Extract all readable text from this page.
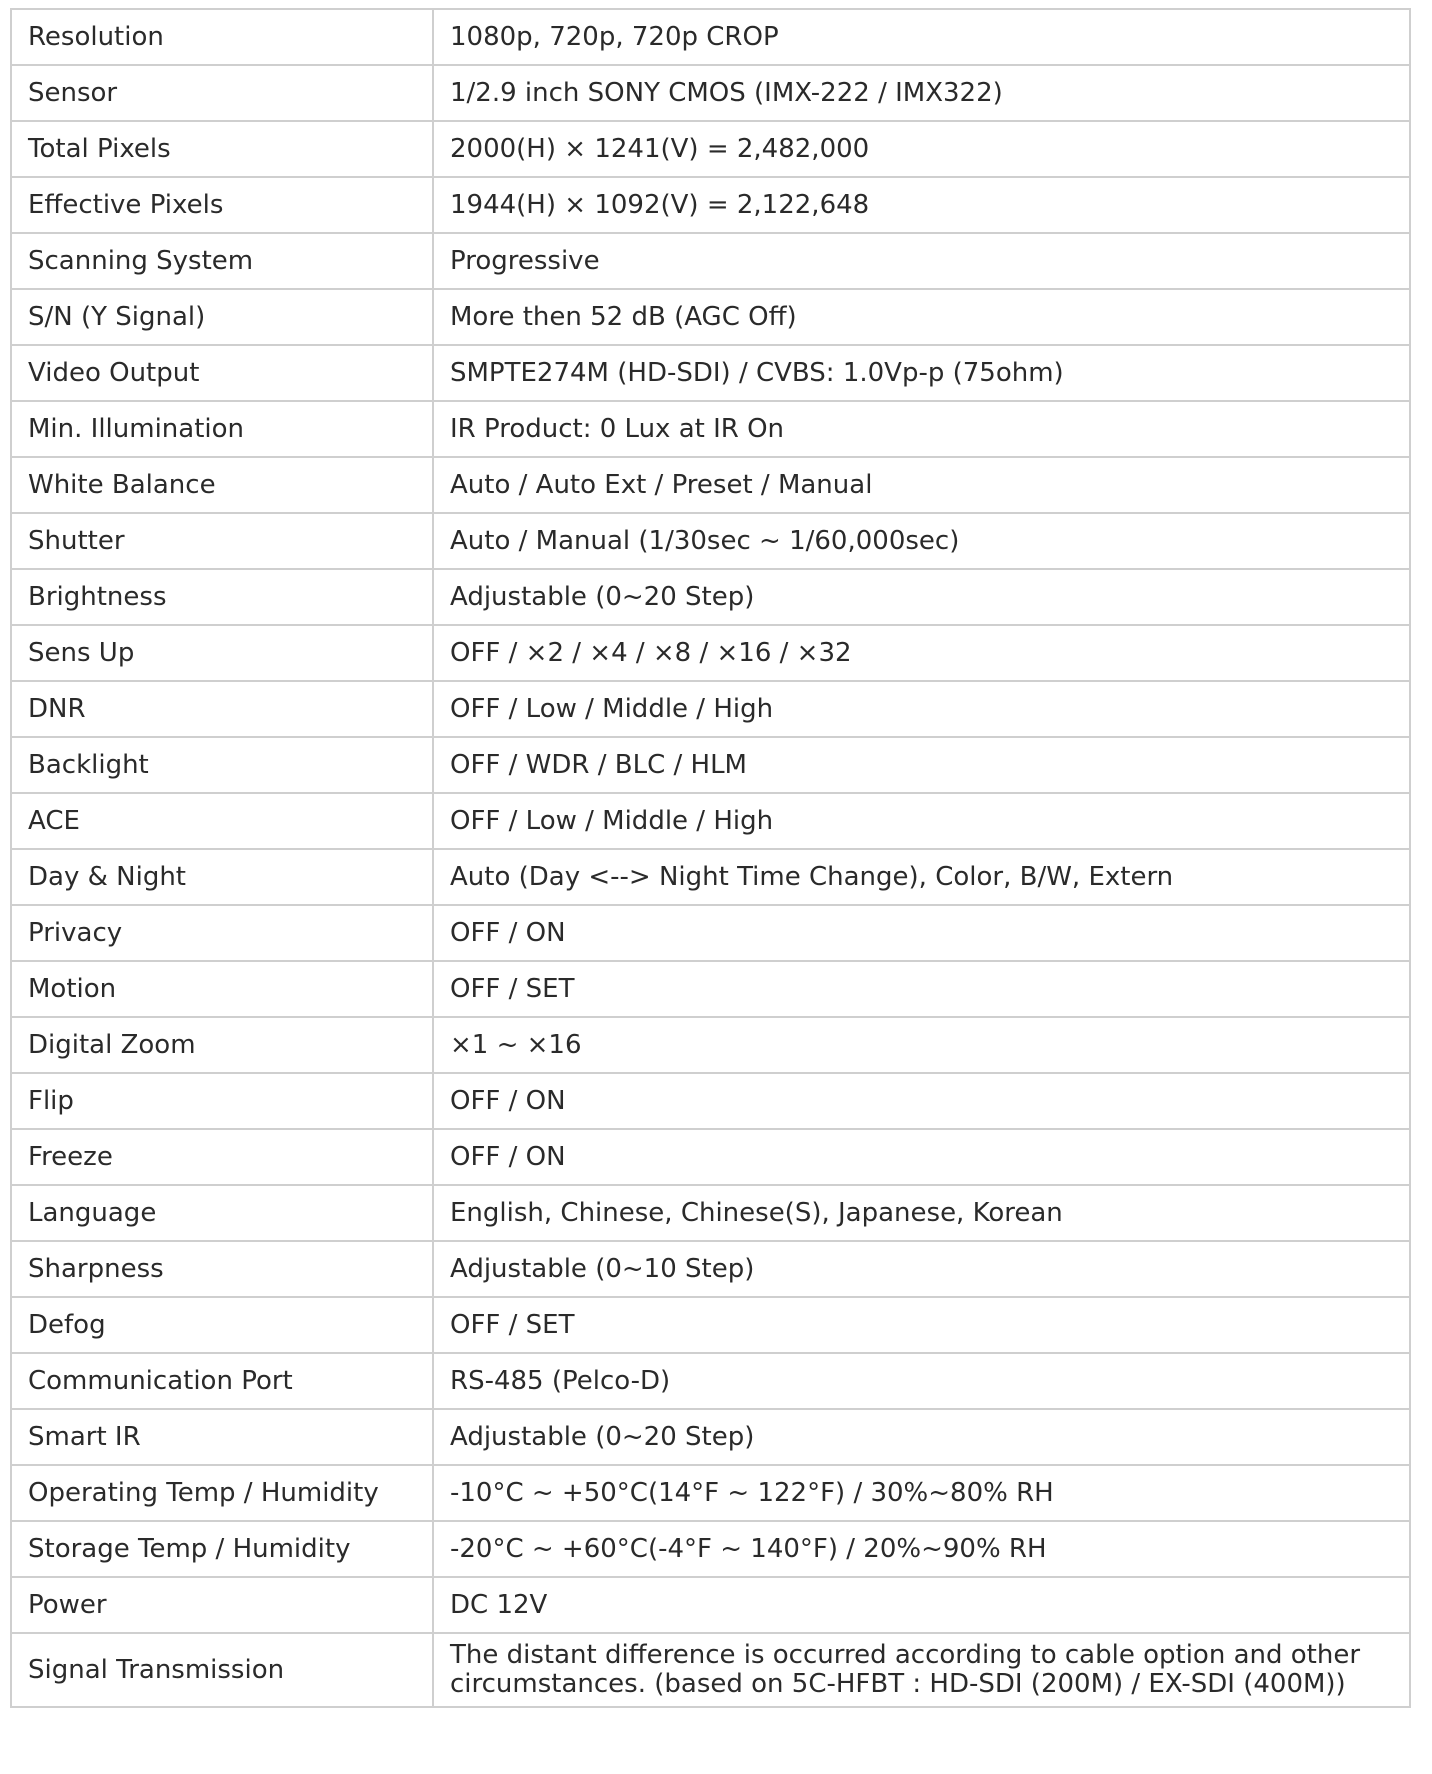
Resolution	1080p, 720p, 720p CROP
Sensor	1/2.9 inch SONY CMOS (IMX-222 / IMX322)
Total Pixels	2000(H) × 1241(V) = 2,482,000
Effective Pixels	1944(H) × 1092(V) = 2,122,648
Scanning System	Progressive
S/N (Y Signal)	More then 52 dB (AGC Off)
Video Output	SMPTE274M (HD-SDI) / CVBS: 1.0Vp-p (75ohm)
Min. Illumination	IR Product: 0 Lux at IR On
White Balance	Auto / Auto Ext / Preset / Manual
Shutter	Auto / Manual (1/30sec ~ 1/60,000sec)
Brightness	Adjustable (0~20 Step)
Sens Up	OFF / ×2 / ×4 / ×8 / ×16 / ×32
DNR	OFF / Low / Middle / High
Backlight	OFF / WDR / BLC / HLM
ACE	OFF / Low / Middle / High
Day & Night	Auto (Day <--> Night Time Change), Color, B/W, Extern
Privacy	OFF / ON
Motion	OFF / SET
Digital Zoom	×1 ~ ×16
Flip	OFF / ON
Freeze	OFF / ON
Language	English, Chinese, Chinese(S), Japanese, Korean
Sharpness	Adjustable (0~10 Step)
Defog	OFF / SET
Communication Port	RS-485 (Pelco-D)
Smart IR	Adjustable (0~20 Step)
Operating Temp / Humidity	-10°C ~ +50°C(14°F ~ 122°F) / 30%~80% RH
Storage Temp / Humidity	-20°C ~ +60°C(-4°F ~ 140°F) / 20%~90% RH
Power	DC 12V
Signal Transmission	The distant difference is occurred according to cable option and other circumstances. (based on 5C-HFBT : HD-SDI (200M) / EX-SDI (400M))
